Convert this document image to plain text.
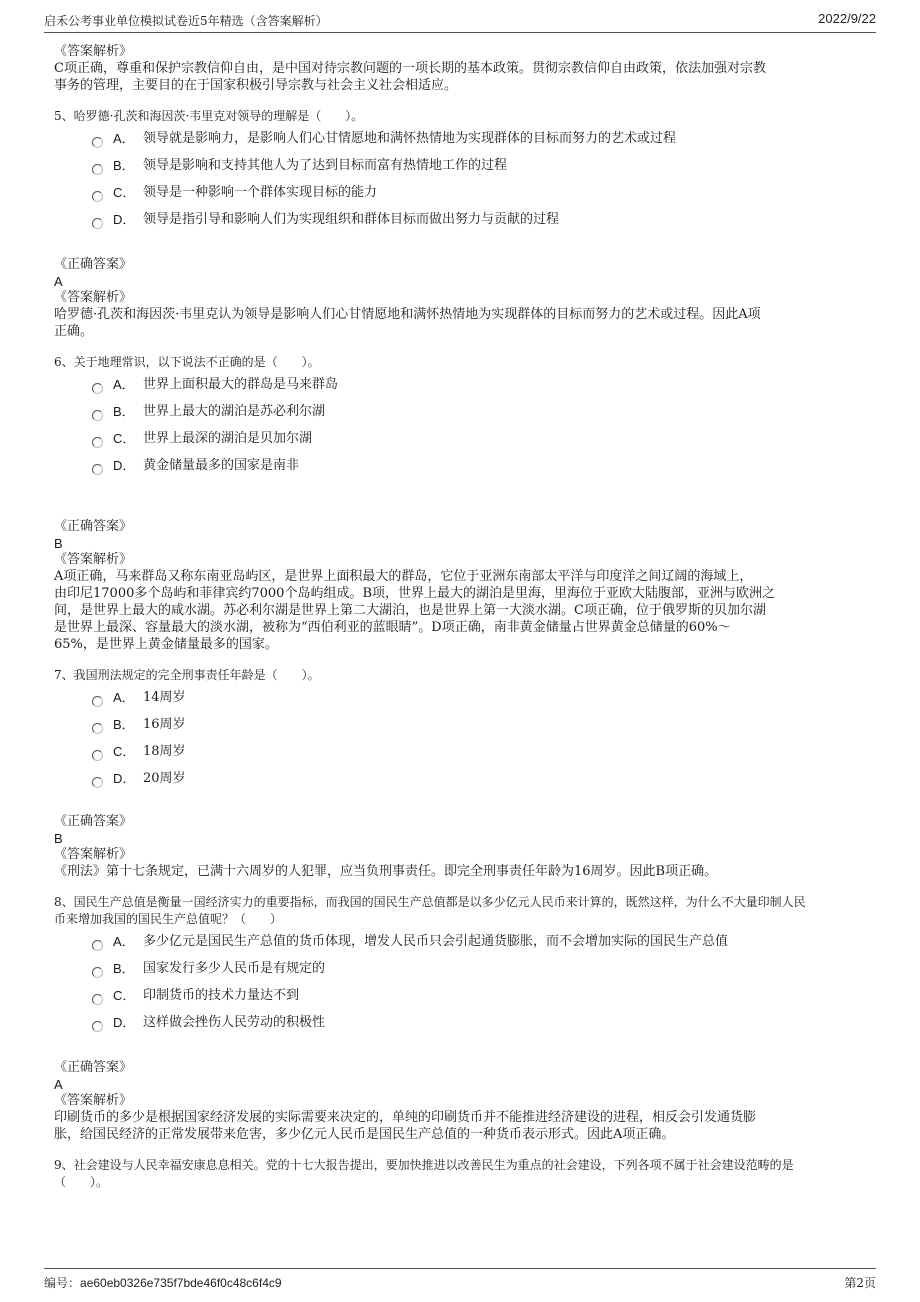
启禾公考事业单位模拟试卷近5年精选（含答案解析）	2022/9/22
《答案解析》
C项正确，尊重和保护宗教信仰自由，是中国对待宗教问题的一项长期的基本政策。贯彻宗教信仰自由政策，依法加强对宗教
事务的管理，主要目的在于国家积极引导宗教与社会主义社会相适应。
5、哈罗德·孔茨和海因茨·韦里克对领导的理解是（　　）。
A． 领导就是影响力，是影响人们心甘情愿地和满怀热情地为实现群体的目标而努力的艺术或过程
B． 领导是影响和支持其他人为了达到目标而富有热情地工作的过程
C． 领导是一种影响一个群体实现目标的能力
D． 领导是指引导和影响人们为实现组织和群体目标而做出努力与贡献的过程
《正确答案》
A
《答案解析》
哈罗德·孔茨和海因茨·韦里克认为领导是影响人们心甘情愿地和满怀热情地为实现群体的目标而努力的艺术或过程。因此A项
正确。
6、关于地理常识，以下说法不正确的是（　　）。
A． 世界上面积最大的群岛是马来群岛
B． 世界上最大的湖泊是苏必利尔湖
C． 世界上最深的湖泊是贝加尔湖
D． 黄金储量最多的国家是南非
《正确答案》
B
《答案解析》
A项正确，马来群岛又称东南亚岛屿区，是世界上面积最大的群岛，它位于亚洲东南部太平洋与印度洋之间辽阔的海域上，
由印尼17000多个岛屿和菲律宾约7000个岛屿组成。B项，世界上最大的湖泊是里海，里海位于亚欧大陆腹部，亚洲与欧洲之
间，是世界上最大的咸水湖。苏必利尔湖是世界上第二大湖泊，也是世界上第一大淡水湖。C项正确，位于俄罗斯的贝加尔湖
是世界上最深、容量最大的淡水湖，被称为“西伯利亚的蓝眼睛”。D项正确，南非黄金储量占世界黄金总储量的60%～
65%，是世界上黄金储量最多的国家。
7、我国刑法规定的完全刑事责任年龄是（　　）。
A． 14周岁
B． 16周岁
C． 18周岁
D． 20周岁
《正确答案》
B
《答案解析》
《刑法》第十七条规定，已满十六周岁的人犯罪，应当负刑事责任。即完全刑事责任年龄为16周岁。因此B项正确。
8、国民生产总值是衡量一国经济实力的重要指标，而我国的国民生产总值都是以多少亿元人民币来计算的，既然这样，为什么不大量印制人民
币来增加我国的国民生产总值呢？（　　）
A． 多少亿元是国民生产总值的货币体现，增发人民币只会引起通货膨胀，而不会增加实际的国民生产总值
B． 国家发行多少人民币是有规定的
C． 印制货币的技术力量达不到
D． 这样做会挫伤人民劳动的积极性
《正确答案》
A
《答案解析》
印刷货币的多少是根据国家经济发展的实际需要来决定的，单纯的印刷货币并不能推进经济建设的进程，相反会引发通货膨
胀，给国民经济的正常发展带来危害，多少亿元人民币是国民生产总值的一种货币表示形式。因此A项正确。
9、社会建设与人民幸福安康息息相关。党的十七大报告提出，要加快推进以改善民生为重点的社会建设，下列各项不属于社会建设范畴的是
（　　）。
编号：ae60eb0326e735f7bde46f0c48c6f4c9	第2页
